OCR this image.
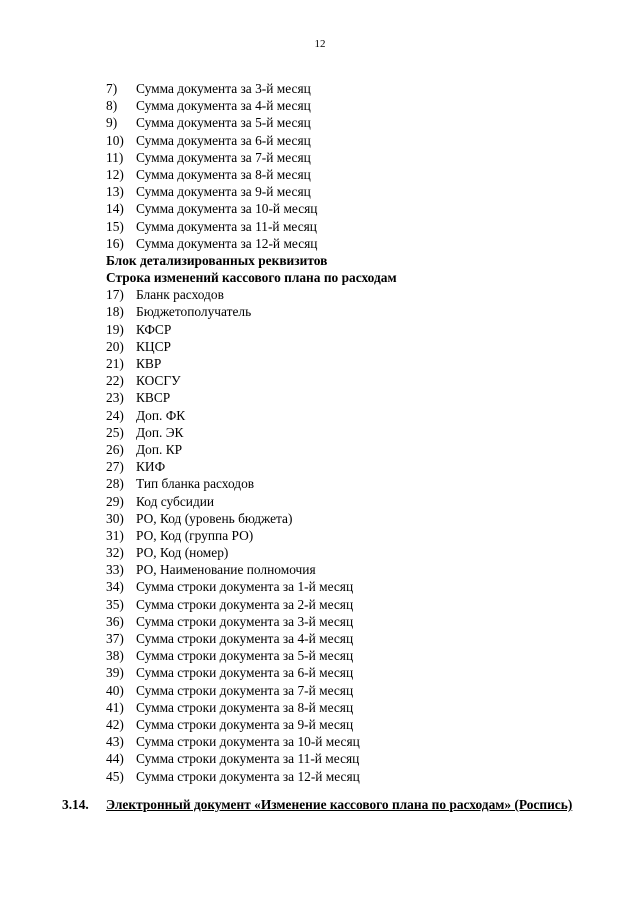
12
7) Сумма документа за 3-й месяц
8) Сумма документа за 4-й месяц
9) Сумма документа за 5-й месяц
10) Сумма документа за 6-й месяц
11) Сумма документа за 7-й месяц
12) Сумма документа за 8-й месяц
13) Сумма документа за 9-й месяц
14) Сумма документа за 10-й месяц
15) Сумма документа за 11-й месяц
16) Сумма документа за 12-й месяц
Блок детализированных реквизитов
Строка изменений кассового плана по расходам
17) Бланк расходов
18) Бюджетополучатель
19) КФСР
20) КЦСР
21) КВР
22) КОСГУ
23) КВСР
24) Доп. ФК
25) Доп. ЭК
26) Доп. КР
27) КИФ
28) Тип бланка расходов
29) Код субсидии
30) РО, Код (уровень бюджета)
31) РО, Код (группа РО)
32) РО, Код (номер)
33) РО, Наименование полномочия
34) Сумма строки документа за 1-й месяц
35) Сумма строки документа за 2-й месяц
36) Сумма строки документа за 3-й месяц
37) Сумма строки документа за 4-й месяц
38) Сумма строки документа за 5-й месяц
39) Сумма строки документа за 6-й месяц
40) Сумма строки документа за 7-й месяц
41) Сумма строки документа за 8-й месяц
42) Сумма строки документа за 9-й месяц
43) Сумма строки документа за 10-й месяц
44) Сумма строки документа за 11-й месяц
45) Сумма строки документа за 12-й месяц
3.14. Электронный документ «Изменение кассового плана по расходам» (Роспись)
